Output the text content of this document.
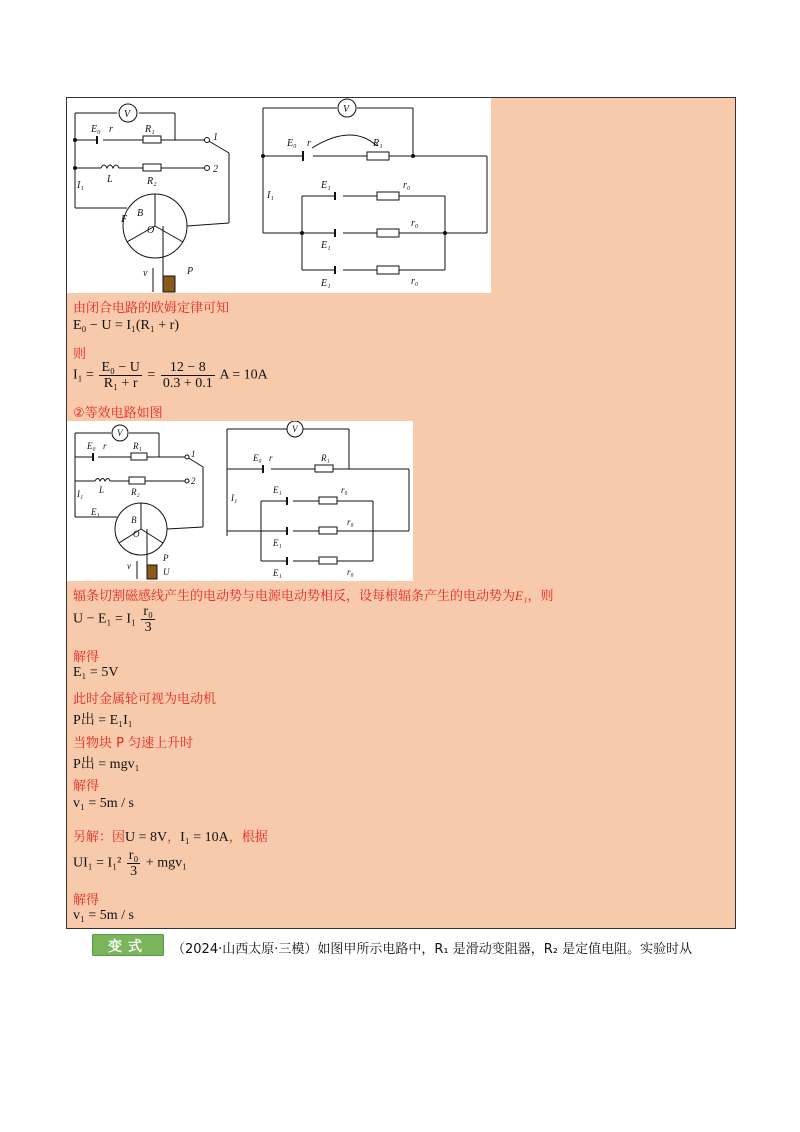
V	V
E₀ r	R₁
1
L	R₂
2
I₁
F
B
O
P
v
E₀ r	R₁
I₁
E₁	r₀
E₁
r₀
E₁	r₀
由闭合电路的欧姆定律可知
E₀ − U = I₁(R₁ + r)
则
$I_1 = \frac{\text{E₀ − U}}{\text{R₁ + r}} = \frac{12 - 8}{0.3 + 0.1}$ A = 10A
②等效电路如图
V	V
E₀ r	R₁
1
L	R₂
2
I₁
E₁
B
O
P
U
v
E₀ r	R₁
I₁
E₁	r₀
E₁
r₀
E₁	r₀
辐条切割磁感线产生的电动势与电源电动势相反，设每根辐条产生的电动势为E₁，则
$U - E_1 = I_1 \frac{\text{r₀}}{3}$
解得
E₁ = 5V
此时金属轮可视为电动机
P出 = E₁I₁
当物块 P 匀速上升时
P出 = mgv₁
解得
v₁ = 5m / s
另解：因U = 8V，I₁ = 10A，根据
$UI_1 = I_1^2 \frac{\text{r₀}}{3} + mgv_1$
解得
v₁ = 5m / s
变式	（2024·山西太原·三模）如图甲所示电路中，R₁ 是滑动变阻器，R₂ 是定值电阻。实验时从
